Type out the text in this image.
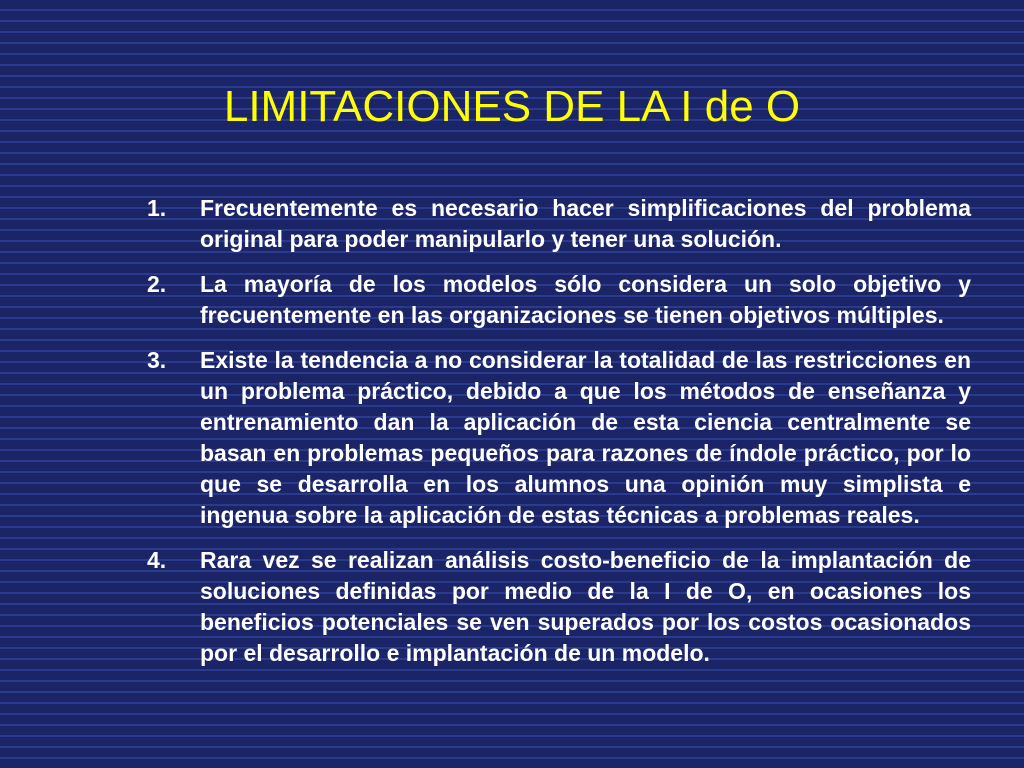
LIMITACIONES DE LA I de O
1.	Frecuentemente es necesario hacer simplificaciones del problema original para poder manipularlo y tener una solución.
2.	La mayoría de los modelos sólo considera un solo objetivo y frecuentemente en las organizaciones se tienen objetivos múltiples.
3.	Existe la tendencia a no considerar la totalidad de las restricciones en un problema práctico, debido a que los métodos de enseñanza y entrenamiento dan la aplicación de esta ciencia centralmente se basan en problemas pequeños para razones de índole práctico, por lo que se desarrolla en los alumnos una opinión muy simplista e ingenua sobre la aplicación de estas técnicas a problemas reales.
4.	Rara vez se realizan análisis costo-beneficio de la implantación de soluciones definidas por medio de la I de O, en ocasiones los beneficios potenciales se ven superados por los costos ocasionados por el desarrollo e implantación de un modelo.
